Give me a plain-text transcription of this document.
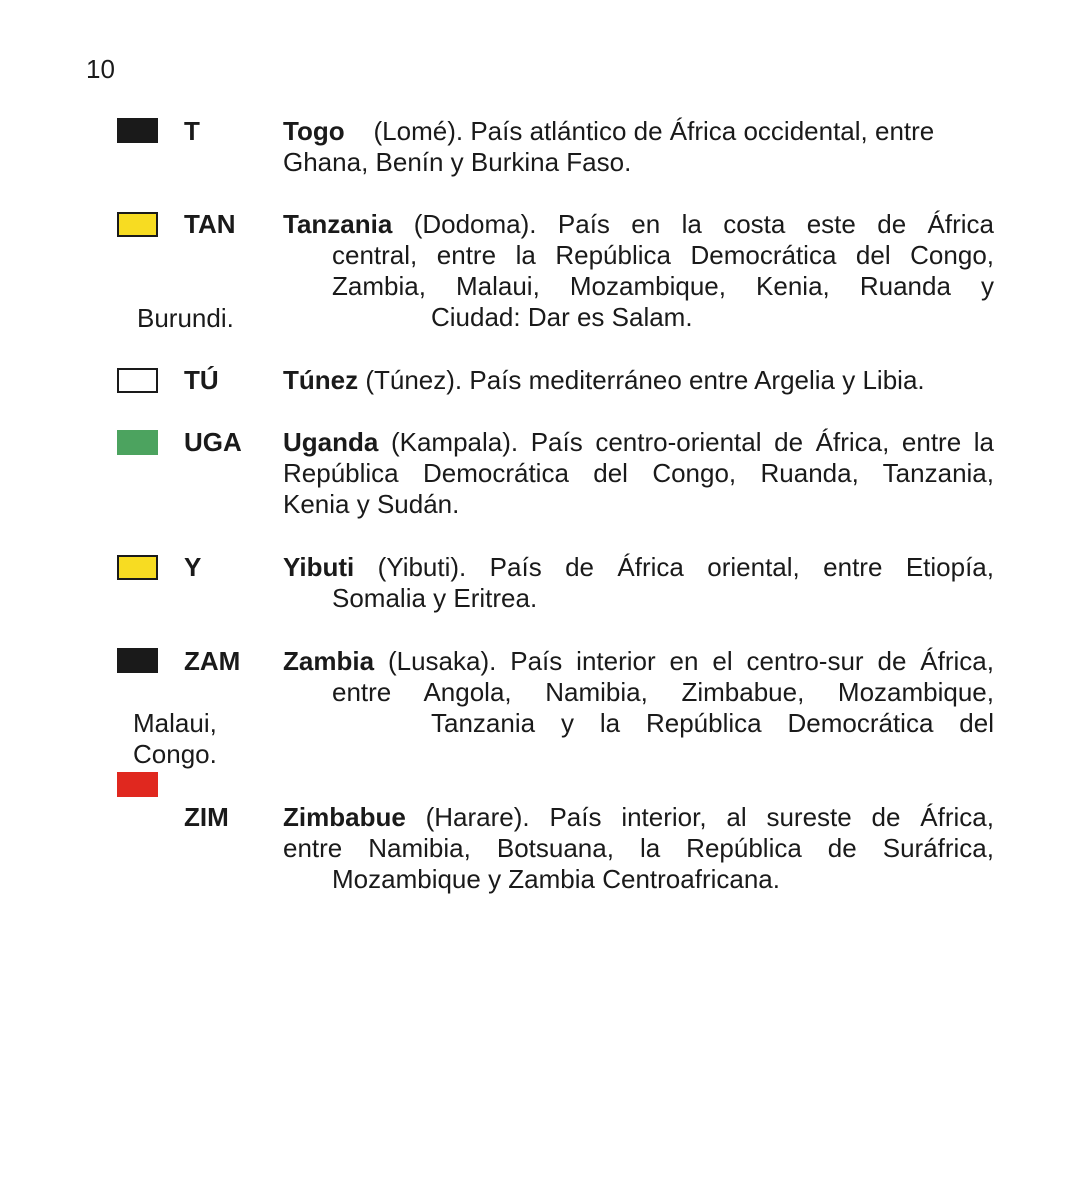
10
T	Togo (Lomé). País atlántico de África occidental, entre
Ghana, Benín y Burkina Faso.
TAN Tanzania (Dodoma). País en la costa este de África
central, entre la República Democrática del Congo,
Zambia, Malaui, Mozambique, Kenia, Ruanda y
Ciudad: Dar es Salam.
Burundi.
TÚ Túnez (Túnez). País mediterráneo entre Argelia y Libia.
UGA Uganda (Kampala). País centro-oriental de África, entre la
República Democrática del Congo, Ruanda, Tanzania,
Kenia y Sudán.
Y	Yibuti (Yibuti). País de África oriental, entre Etiopía,
Somalia y Eritrea.
ZAM Zambia (Lusaka). País interior en el centro-sur de África,
entre Angola, Namibia, Zimbabue, Mozambique,
Tanzania y la República Democrática del
Malaui,
Congo.
ZIM Zimbabue (Harare). País interior, al sureste de África,
entre Namibia, Botsuana, la República de Suráfrica,
Mozambique y Zambia Centroafricana.
